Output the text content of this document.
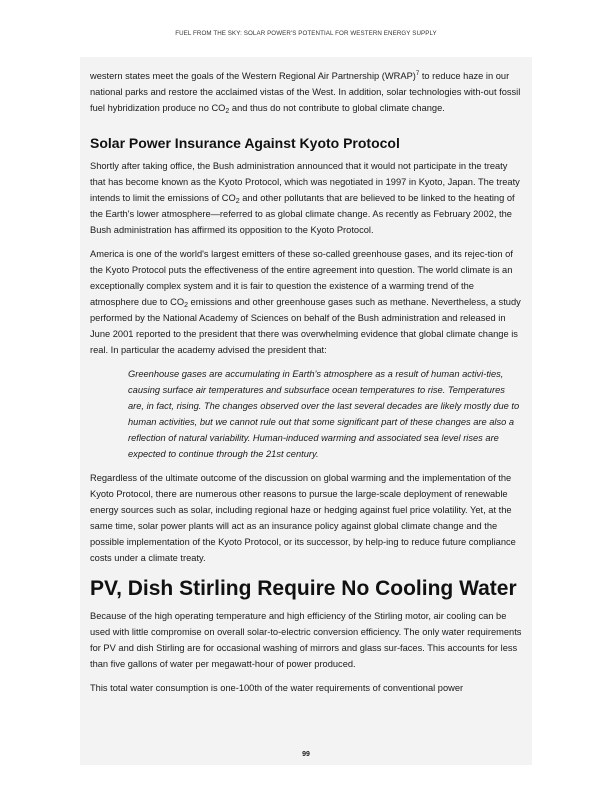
FUEL FROM THE SKY: SOLAR POWER'S POTENTIAL FOR WESTERN ENERGY SUPPLY

western states meet the goals of the Western Regional Air Partnership (WRAP)$^7$ to reduce haze in our national parks and restore the acclaimed vistas of the West. In addition, solar technologies with-out fossil fuel hybridization produce no $CO_2$ and thus do not contribute to global climate change.

Solar Power Insurance Against Kyoto Protocol

Shortly after taking office, the Bush administration announced that it would not participate in the treaty that has become known as the Kyoto Protocol, which was negotiated in 1997 in Kyoto, Japan. The treaty intends to limit the emissions of $CO_2$ and other pollutants that are believed to be linked to the heating of the Earth's lower atmosphere—referred to as global climate change. As recently as February 2002, the Bush administration has affirmed its opposition to the Kyoto Protocol.

America is one of the world's largest emitters of these so-called greenhouse gases, and its rejec-tion of the Kyoto Protocol puts the effectiveness of the entire agreement into question. The world climate is an exceptionally complex system and it is fair to question the existence of a warming trend of the atmosphere due to $CO_2$ emissions and other greenhouse gases such as methane. Nevertheless, a study performed by the National Academy of Sciences on behalf of the Bush administration and released in June 2001 reported to the president that there was overwhelming evidence that global climate change is real. In particular the academy advised the president that:

Greenhouse gases are accumulating in Earth's atmosphere as a result of human activi-ties, causing surface air temperatures and subsurface ocean temperatures to rise. Temperatures are, in fact, rising. The changes observed over the last several decades are likely mostly due to human activities, but we cannot rule out that some significant part of these changes are also a reflection of natural variability. Human-induced warming and associated sea level rises are expected to continue through the 21st century.

Regardless of the ultimate outcome of the discussion on global warming and the implementation of the Kyoto Protocol, there are numerous other reasons to pursue the large-scale deployment of renewable energy sources such as solar, including regional haze or hedging against fuel price volatility. Yet, at the same time, solar power plants will act as an insurance policy against global climate change and the possible implementation of the Kyoto Protocol, or its successor, by help-ing to reduce future compliance costs under a climate treaty.

PV, Dish Stirling Require No Cooling Water

Because of the high operating temperature and high efficiency of the Stirling motor, air cooling can be used with little compromise on overall solar-to-electric conversion efficiency. The only water requirements for PV and dish Stirling are for occasional washing of mirrors and glass sur-faces. This accounts for less than five gallons of water per megawatt-hour of power produced.

This total water consumption is one-100th of the water requirements of conventional power

99
